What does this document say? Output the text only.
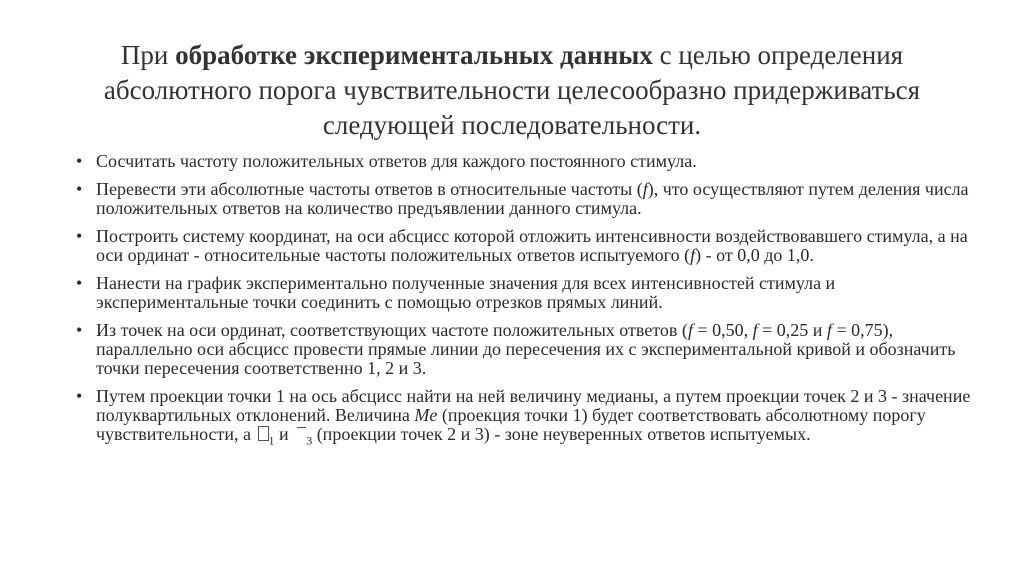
При обработке экспериментальных данных с целью определения абсолютного порога чувствительности целесообразно придерживаться следующей последовательности.
• Сосчитать частоту положительных ответов для каждого постоянного стимула.
• Перевести эти абсолютные частоты ответов в относительные частоты (f), что осуществляют путем деления числа положительных ответов на количество предъявлении данного стимула.
• Построить систему координат, на оси абсцисс которой отложить интенсивности воздействовавшего стимула, а на оси ординат - относительные частоты положительных ответов испытуемого (f) - от 0,0 до 1,0.
• Нанести на график экспериментально полученные значения для всех интенсивностей стимула и экспериментальные точки соединить с помощью отрезков прямых линий.
• Из точек на оси ординат, соответствующих частоте положительных ответов (f = 0,50, f = 0,25 и f = 0,75), параллельно оси абсцисс провести прямые линии до пересечения их с экспериментальной кривой и обозначить точки пересечения соответственно 1, 2 и 3.
• Путем проекции точки 1 на ось абсцисс найти на ней величину медианы, а путем проекции точек 2 и 3 - значение полуквартильных отклонений. Величина Me (проекция точки 1) будет соответствовать абсолютному порогу чувствительности, а $_1$ и $_3$ (проекции точек 2 и 3) - зоне неуверенных ответов испытуемых.
